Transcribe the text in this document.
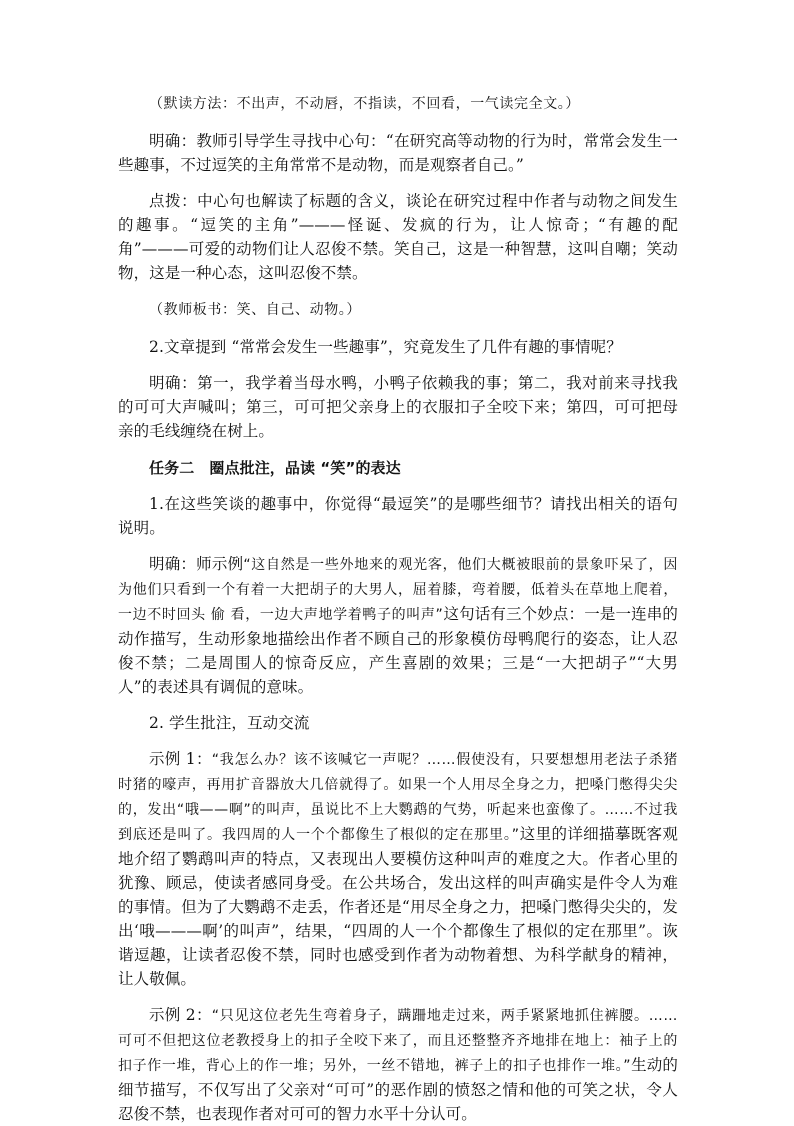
（默读方法：不出声，不动唇，不指读，不回看，一气读完全文。）

明确：教师引导学生寻找中心句：“在研究高等动物的行为时，常常会发生一些趣事，不过逗笑的主角常常不是动物，而是观察者自己。”

点拨：中心句也解读了标题的含义，谈论在研究过程中作者与动物之间发生的趣事。“逗笑的主角”———怪诞、发疯的行为，让人惊奇；“有趣的配角”———可爱的动物们让人忍俊不禁。笑自己，这是一种智慧，这叫自嘲；笑动物，这是一种心态，这叫忍俊不禁。

（教师板书：笑、自己、动物。）

2.文章提到 “常常会发生一些趣事”，究竟发生了几件有趣的事情呢？

明确：第一，我学着当母水鸭，小鸭子依赖我的事；第二，我对前来寻找我的可可大声喊叫；第三，可可把父亲身上的衣服扣子全咬下来；第四，可可把母亲的毛线缠绕在树上。

任务二　圈点批注，品读 “笑”的表达

1.在这些笑谈的趣事中，你觉得“最逗笑”的是哪些细节？请找出相关的语句说明。

明确：师示例“这自然是一些外地来的观光客，他们大概被眼前的景象吓呆了，因为他们只看到一个有着一大把胡子的大男人，屈着膝，弯着腰，低着头在草地上爬着，一边不时回头 偷 看，一边大声地学着鸭子的叫声”这句话有三个妙点：一是一连串的动作描写，生动形象地描绘出作者不顾自己的形象模仿母鸭爬行的姿态，让人忍俊不禁；二是周围人的惊奇反应，产生喜剧的效果；三是“一大把胡子”“大男人”的表述具有调侃的意味。

2. 学生批注，互动交流

示例 1：“我怎么办？该不该喊它一声呢？……假使没有，只要想想用老法子杀猪时猪的嚎声，再用扩音器放大几倍就得了。如果一个人用尽全身之力，把嗓门憋得尖尖的，发出“哦——啊”的叫声，虽说比不上大鹦鹉的气势，听起来也蛮像了。……不过我到底还是叫了。我四周的人一个个都像生了根似的定在那里。”这里的详细描摹既客观地介绍了鹦鹉叫声的特点，又表现出人要模仿这种叫声的难度之大。作者心里的犹豫、顾忌，使读者感同身受。在公共场合，发出这样的叫声确实是件令人为难的事情。但为了大鹦鹉不走丢，作者还是“用尽全身之力，把嗓门憋得尖尖的，发出‘哦———啊’的叫声”，结果，“四周的人一个个都像生了根似的定在那里”。诙谐逗趣，让读者忍俊不禁，同时也感受到作者为动物着想、为科学献身的精神，让人敬佩。

示例 2：“只见这位老先生弯着身子，蹒跚地走过来，两手紧紧地抓住裤腰。……可可不但把这位老教授身上的扣子全咬下来了，而且还整整齐齐地排在地上：袖子上的扣子作一堆，背心上的作一堆；另外，一丝不错地，裤子上的扣子也排作一堆。”生动的细节描写，不仅写出了父亲对“可可”的恶作剧的愤怒之情和他的可笑之状，令人忍俊不禁，也表现作者对可可的智力水平十分认可。
